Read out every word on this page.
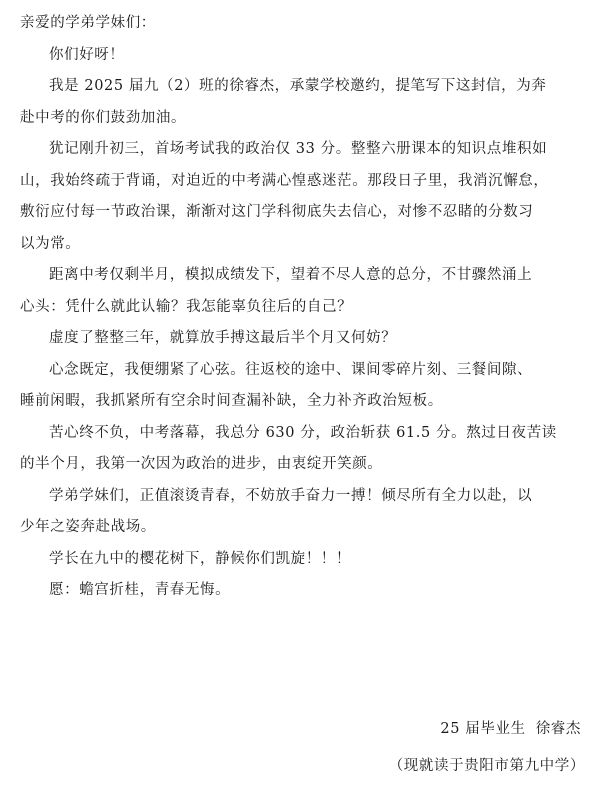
亲爱的学弟学妹们：

你们好呀！

我是 2025 届九（2）班的徐睿杰，承蒙学校邀约，提笔写下这封信，为奔

赴中考的你们鼓劲加油。

犹记刚升初三，首场考试我的政治仅 33 分。整整六册课本的知识点堆积如

山，我始终疏于背诵，对迫近的中考满心惶惑迷茫。那段日子里，我消沉懈怠，

敷衍应付每一节政治课，渐渐对这门学科彻底失去信心，对惨不忍睹的分数习

以为常。

距离中考仅剩半月，模拟成绩发下，望着不尽人意的总分，不甘骤然涌上

心头：凭什么就此认输？我怎能辜负往后的自己？

虚度了整整三年，就算放手搏这最后半个月又何妨？

心念既定，我便绷紧了心弦。往返校的途中、课间零碎片刻、三餐间隙、

睡前闲暇，我抓紧所有空余时间查漏补缺，全力补齐政治短板。

苦心终不负，中考落幕，我总分 630 分，政治斩获 61.5 分。熬过日夜苦读

的半个月，我第一次因为政治的进步，由衷绽开笑颜。

学弟学妹们，正值滚烫青春，不妨放手奋力一搏！倾尽所有全力以赴，以

少年之姿奔赴战场。

学长在九中的樱花树下，静候你们凯旋！！！

愿：蟾宫折桂，青春无悔。

25 届毕业生 徐睿杰
（现就读于贵阳市第九中学）
